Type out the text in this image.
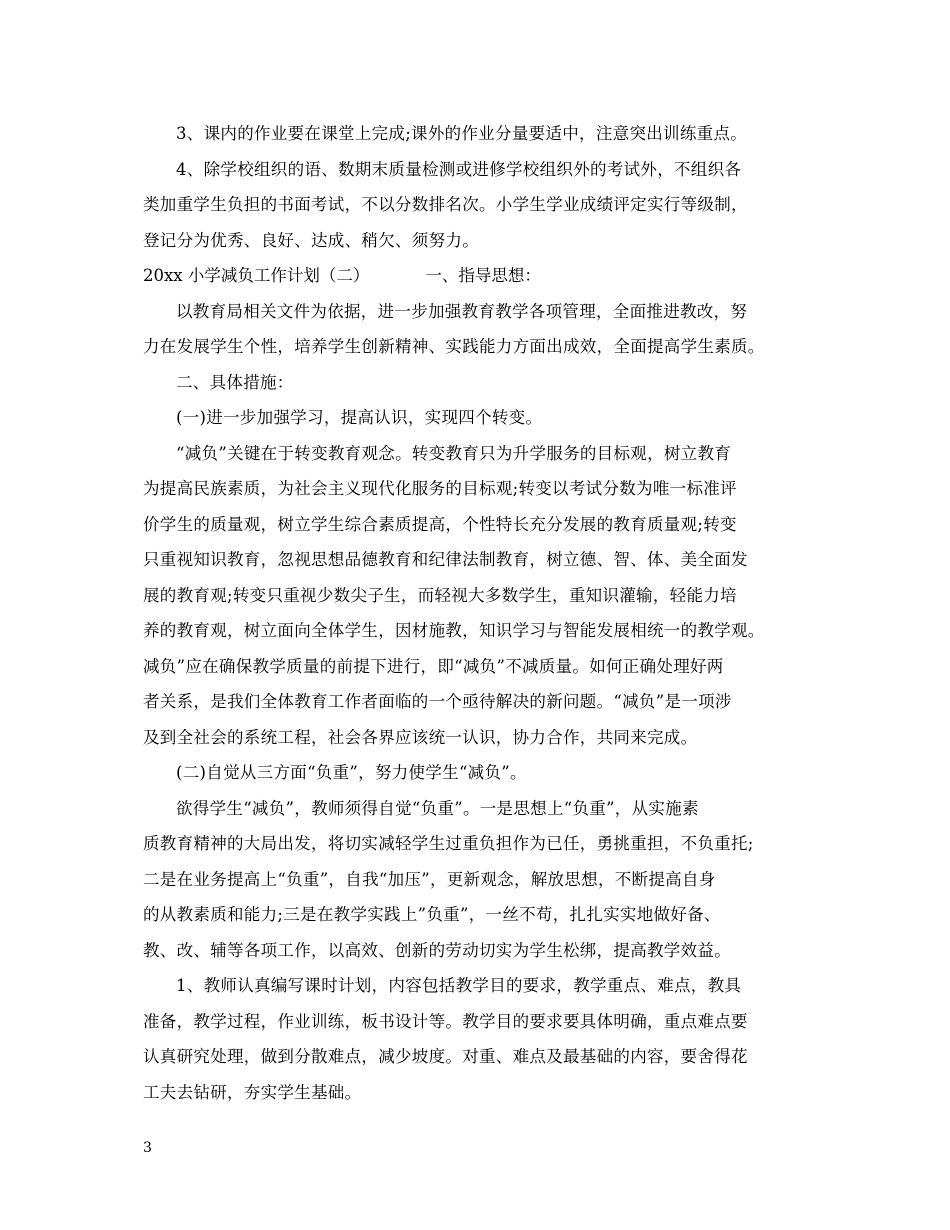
3、课内的作业要在课堂上完成;课外的作业分量要适中，注意突出训练重点。
4、除学校组织的语、数期末质量检测或进修学校组织外的考试外，不组织各
类加重学生负担的书面考试，不以分数排名次。小学生学业成绩评定实行等级制，
登记分为优秀、良好、达成、稍欠、须努力。
20xx 小学减负工作计划（二）	一、指导思想：
以教育局相关文件为依据，进一步加强教育教学各项管理，全面推进教改，努
力在发展学生个性，培养学生创新精神、实践能力方面出成效，全面提高学生素质。
二、具体措施：
(一)进一步加强学习，提高认识，实现四个转变。
“减负”关键在于转变教育观念。转变教育只为升学服务的目标观，树立教育
为提高民族素质，为社会主义现代化服务的目标观;转变以考试分数为唯一标准评
价学生的质量观，树立学生综合素质提高，个性特长充分发展的教育质量观;转变
只重视知识教育，忽视思想品德教育和纪律法制教育，树立德、智、体、美全面发
展的教育观;转变只重视少数尖子生，而轻视大多数学生，重知识灌输，轻能力培
养的教育观，树立面向全体学生，因材施教，知识学习与智能发展相统一的教学观。
减负”应在确保教学质量的前提下进行，即“减负”不减质量。如何正确处理好两
者关系，是我们全体教育工作者面临的一个亟待解决的新问题。“减负”是一项涉
及到全社会的系统工程，社会各界应该统一认识，协力合作，共同来完成。
(二)自觉从三方面“负重”，努力使学生“减负”。
欲得学生“减负”，教师须得自觉“负重”。一是思想上“负重”，从实施素
质教育精神的大局出发，将切实减轻学生过重负担作为已任，勇挑重担，不负重托;
二是在业务提高上“负重”，自我“加压”，更新观念，解放思想，不断提高自身
的从教素质和能力;三是在教学实践上”负重”，一丝不苟，扎扎实实地做好备、
教、改、辅等各项工作，以高效、创新的劳动切实为学生松绑，提高教学效益。
1、教师认真编写课时计划，内容包括教学目的要求，教学重点、难点，教具
准备，教学过程，作业训练，板书设计等。教学目的要求要具体明确，重点难点要
认真研究处理，做到分散难点，减少坡度。对重、难点及最基础的内容，要舍得花
工夫去钻研，夯实学生基础。
3
